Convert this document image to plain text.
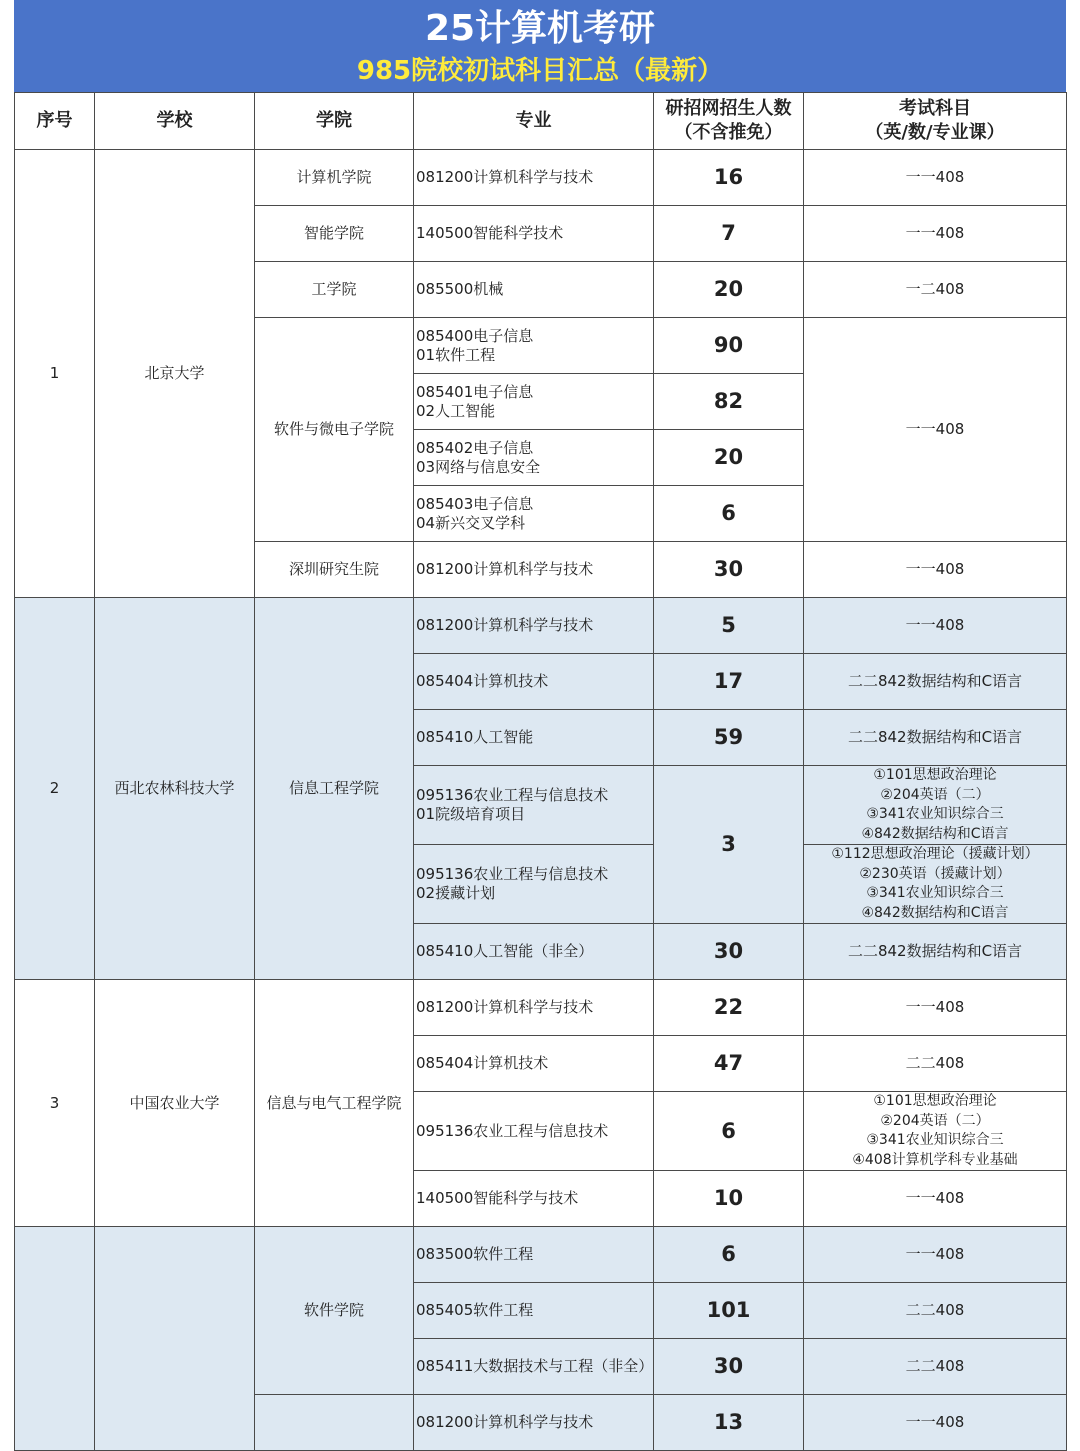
25计算机考研
985院校初试科目汇总（最新）
序号	学校	学院	专业	研招网招生人数
（不含推免）	考试科目
（英/数/专业课）

1	北京大学	计算机学院	081200计算机科学与技术	16	一一408

		智能学院	140500智能科学技术	7	一一408

		工学院	085500机械	20	一二408

		软件与微电子学院	085400电子信息
01软件工程	90	一一408

			085401电子信息
02人工智能	82	

			085402电子信息
03网络与信息安全	20	

			085403电子信息
04新兴交叉学科	6	
		深圳研究生院	081200计算机科学与技术	30	一一408

2	西北农林科技大学	信息工程学院	081200计算机科学与技术	5	一一408

			085404计算机技术	17	二二842数据结构和C语言

			085410人工智能	59	二二842数据结构和C语言

			095136农业工程与信息技术
01院级培育项目	3	①101思想政治理论
②204英语（二）
③341农业知识综合三
④842数据结构和C语言

			095136农业工程与信息技术
02援藏计划		①112思想政治理论（援藏计划）
②230英语（援藏计划）
③341农业知识综合三
④842数据结构和C语言

			085410人工智能（非全）	30	二二842数据结构和C语言

3	中国农业大学	信息与电气工程学院	081200计算机科学与技术	22	一一408

			085404计算机技术	47	二二408

			095136农业工程与信息技术	6	①101思想政治理论
②204英语（二）
③341农业知识综合三
④408计算机学科专业基础

			140500智能科学与技术	10	一一408

		软件学院	083500软件工程	6	一一408

			085405软件工程	101	二二408

			085411大数据技术与工程（非全）	30	二二408

			081200计算机科学与技术	13	一一408
